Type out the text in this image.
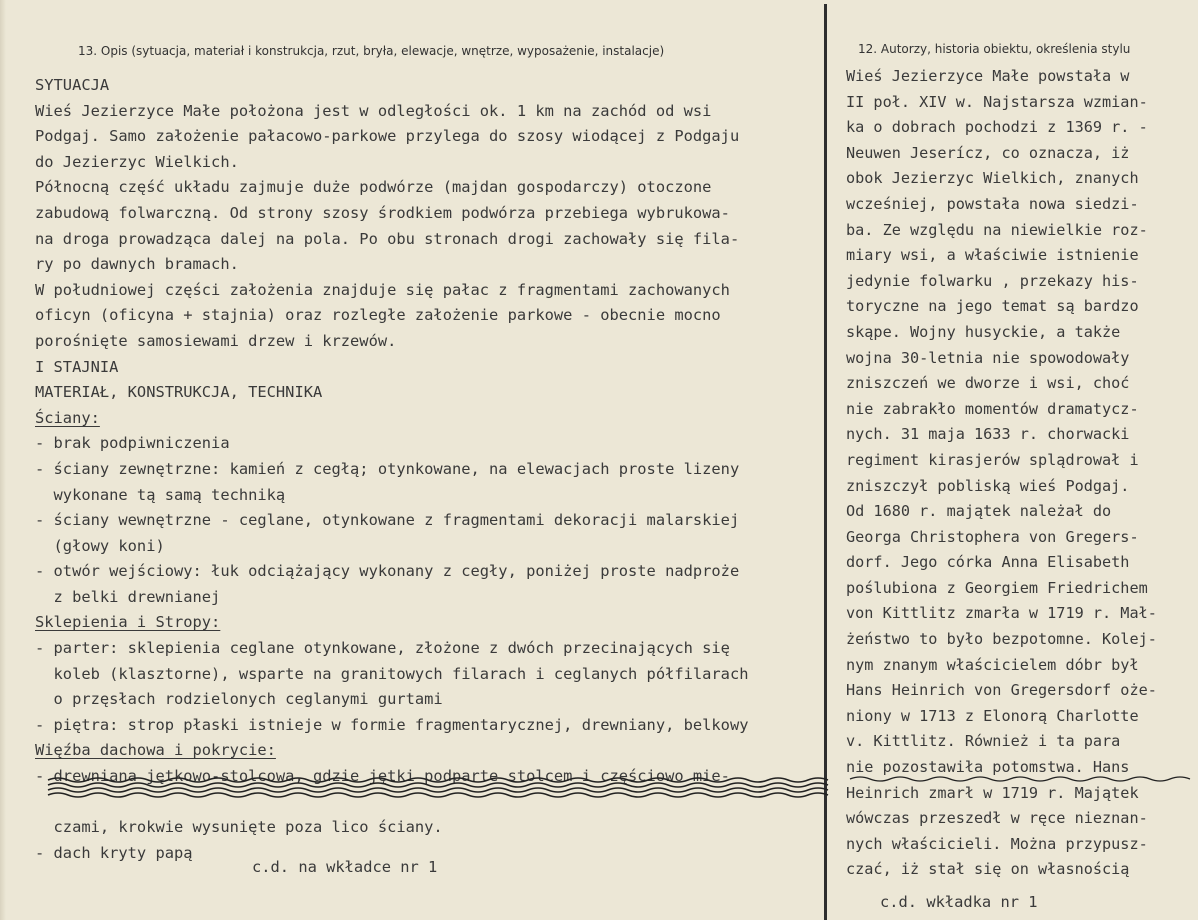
13. Opis (sytuacja, materiał i konstrukcja, rzut, bryła, elewacje, wnętrze, wyposażenie, instalacje)
SYTUACJA
Wieś Jezierzyce Małe położona jest w odległości ok. 1 km na zachód od wsi
Podgaj. Samo założenie pałacowo-parkowe przylega do szosy wiodącej z Podgaju
do Jezierzyc Wielkich.
Północną część układu zajmuje duże podwórze (majdan gospodarczy) otoczone
zabudową folwarczną. Od strony szosy środkiem podwórza przebiega wybrukowa-
na droga prowadząca dalej na pola. Po obu stronach drogi zachowały się fila-
ry po dawnych bramach.
W południowej części założenia znajduje się pałac z fragmentami zachowanych
oficyn (oficyna + stajnia) oraz rozległe założenie parkowe - obecnie mocno
porośnięte samosiewami drzew i krzewów.
I STAJNIA
MATERIAŁ, KONSTRUKCJA, TECHNIKA
Ściany:
- brak podpiwniczenia
- ściany zewnętrzne: kamień z cegłą; otynkowane, na elewacjach proste lizeny
wykonane tą samą techniką
- ściany wewnętrzne - ceglane, otynkowane z fragmentami dekoracji malarskiej
(głowy koni)
- otwór wejściowy: łuk odciążający wykonany z cegły, poniżej proste nadproże
z belki drewnianej
Sklepienia i Stropy:
- parter: sklepienia ceglane otynkowane, złożone z dwóch przecinających się
koleb (klasztorne), wsparte na granitowych filarach i ceglanych półfilarach
o przęsłach rodzielonych ceglanymi gurtami
- piętra: strop płaski istnieje w formie fragmentarycznej, drewniany, belkowy
Więźba dachowa i pokrycie:
- drewniana jętkowo-stolcowa, gdzie jętki podparte stolcem i częściowo mie-
czami, krokwie wysunięte poza lico ściany.
- dach kryty papą
c.d. na wkładce nr 1
12. Autorzy, historia obiektu, określenia stylu
Wieś Jezierzyce Małe powstała w
II poł. XIV w. Najstarsza wzmian-
ka o dobrach pochodzi z 1369 r. -
Neuwen Jeserícz, co oznacza, iż
obok Jezierzyc Wielkich, znanych
wcześniej, powstała nowa siedzi-
ba. Ze względu na niewielkie roz-
miary wsi, a właściwie istnienie
jedynie folwarku , przekazy his-
toryczne na jego temat są bardzo
skąpe. Wojny husyckie, a także
wojna 30-letnia nie spowodowały
zniszczeń we dworze i wsi, choć
nie zabrakło momentów dramatycz-
nych. 31 maja 1633 r. chorwacki
regiment kirasjerów splądrował i
zniszczył pobliską wieś Podgaj.
Od 1680 r. majątek należał do
Georga Christophera von Gregers-
dorf. Jego córka Anna Elisabeth
poślubiona z Georgiem Friedrichem
von Kittlitz zmarła w 1719 r. Mał-
żeństwo to było bezpotomne. Kolej-
nym znanym właścicielem dóbr był
Hans Heinrich von Gregersdorf oże-
niony w 1713 z Elonorą Charlotte
v. Kittlitz. Również i ta para
nie pozostawiła potomstwa. Hans
Heinrich zmarł w 1719 r. Majątek
wówczas przeszedł w ręce nieznan-
nych właścicieli. Można przypusz-
czać, iż stał się on własnością
c.d. wkładka nr 1
